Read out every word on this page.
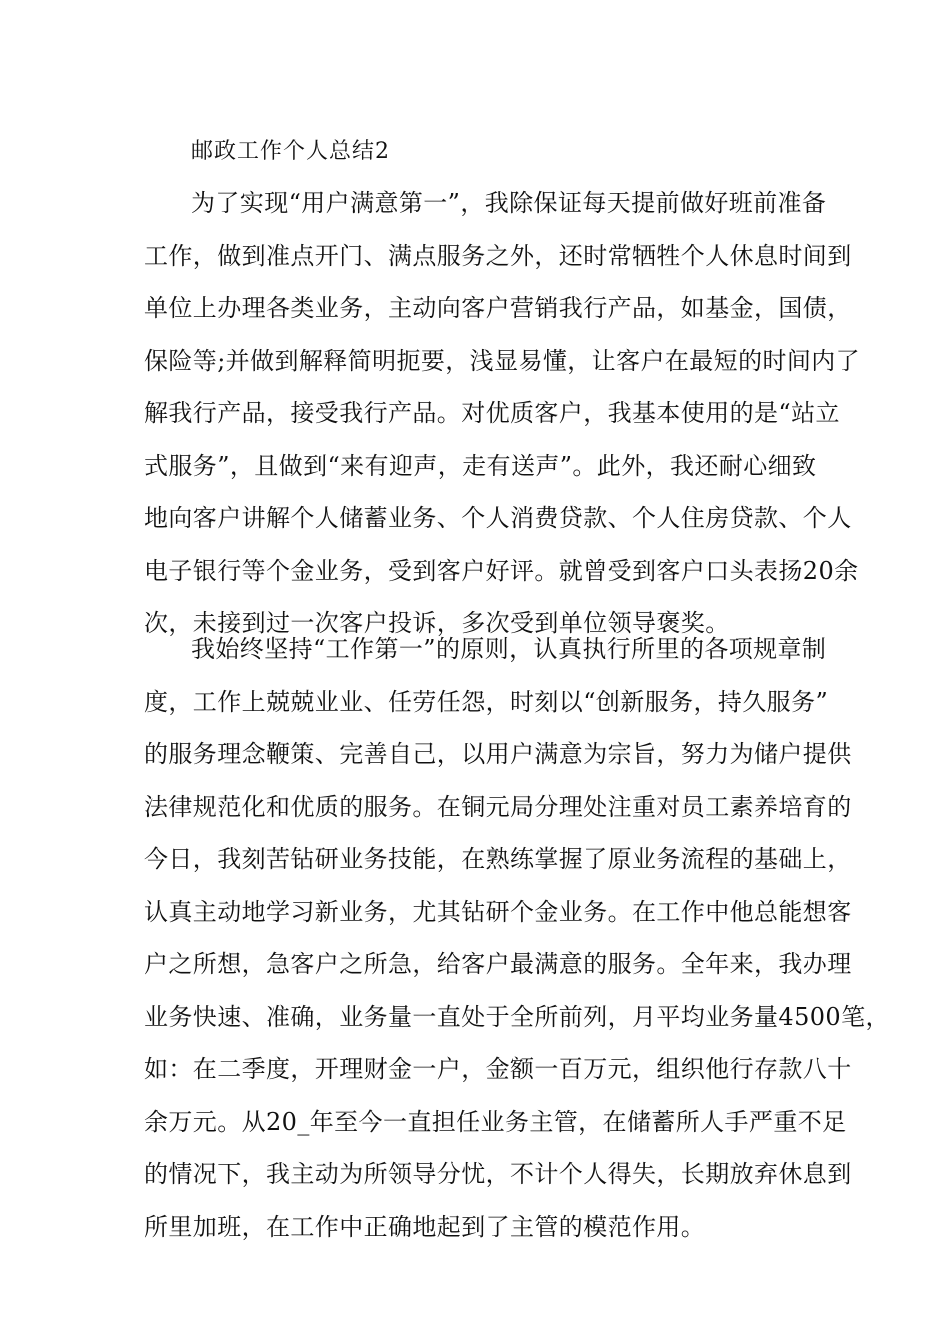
邮政工作个人总结2
为了实现“用户满意第一”，我除保证每天提前做好班前准备
工作，做到准点开门、满点服务之外，还时常牺牲个人休息时间到
单位上办理各类业务，主动向客户营销我行产品，如基金，国债，
保险等;并做到解释简明扼要，浅显易懂，让客户在最短的时间内了
解我行产品，接受我行产品。对优质客户，我基本使用的是“站立
式服务”，且做到“来有迎声，走有送声”。此外，我还耐心细致
地向客户讲解个人储蓄业务、个人消费贷款、个人住房贷款、个人
电子银行等个金业务，受到客户好评。就曾受到客户口头表扬20余
次，未接到过一次客户投诉，多次受到单位领导褒奖。
我始终坚持“工作第一”的原则，认真执行所里的各项规章制
度，工作上兢兢业业、任劳任怨，时刻以“创新服务，持久服务”
的服务理念鞭策、完善自己，以用户满意为宗旨，努力为储户提供
法律规范化和优质的服务。在铜元局分理处注重对员工素养培育的
今日，我刻苦钻研业务技能，在熟练掌握了原业务流程的基础上，
认真主动地学习新业务，尤其钻研个金业务。在工作中他总能想客
户之所想，急客户之所急，给客户最满意的服务。全年来，我办理
业务快速、准确，业务量一直处于全所前列，月平均业务量4500笔，
如：在二季度，开理财金一户，金额一百万元，组织他行存款八十
余万元。从20_年至今一直担任业务主管，在储蓄所人手严重不足
的情况下，我主动为所领导分忧，不计个人得失，长期放弃休息到
所里加班，在工作中正确地起到了主管的模范作用。
